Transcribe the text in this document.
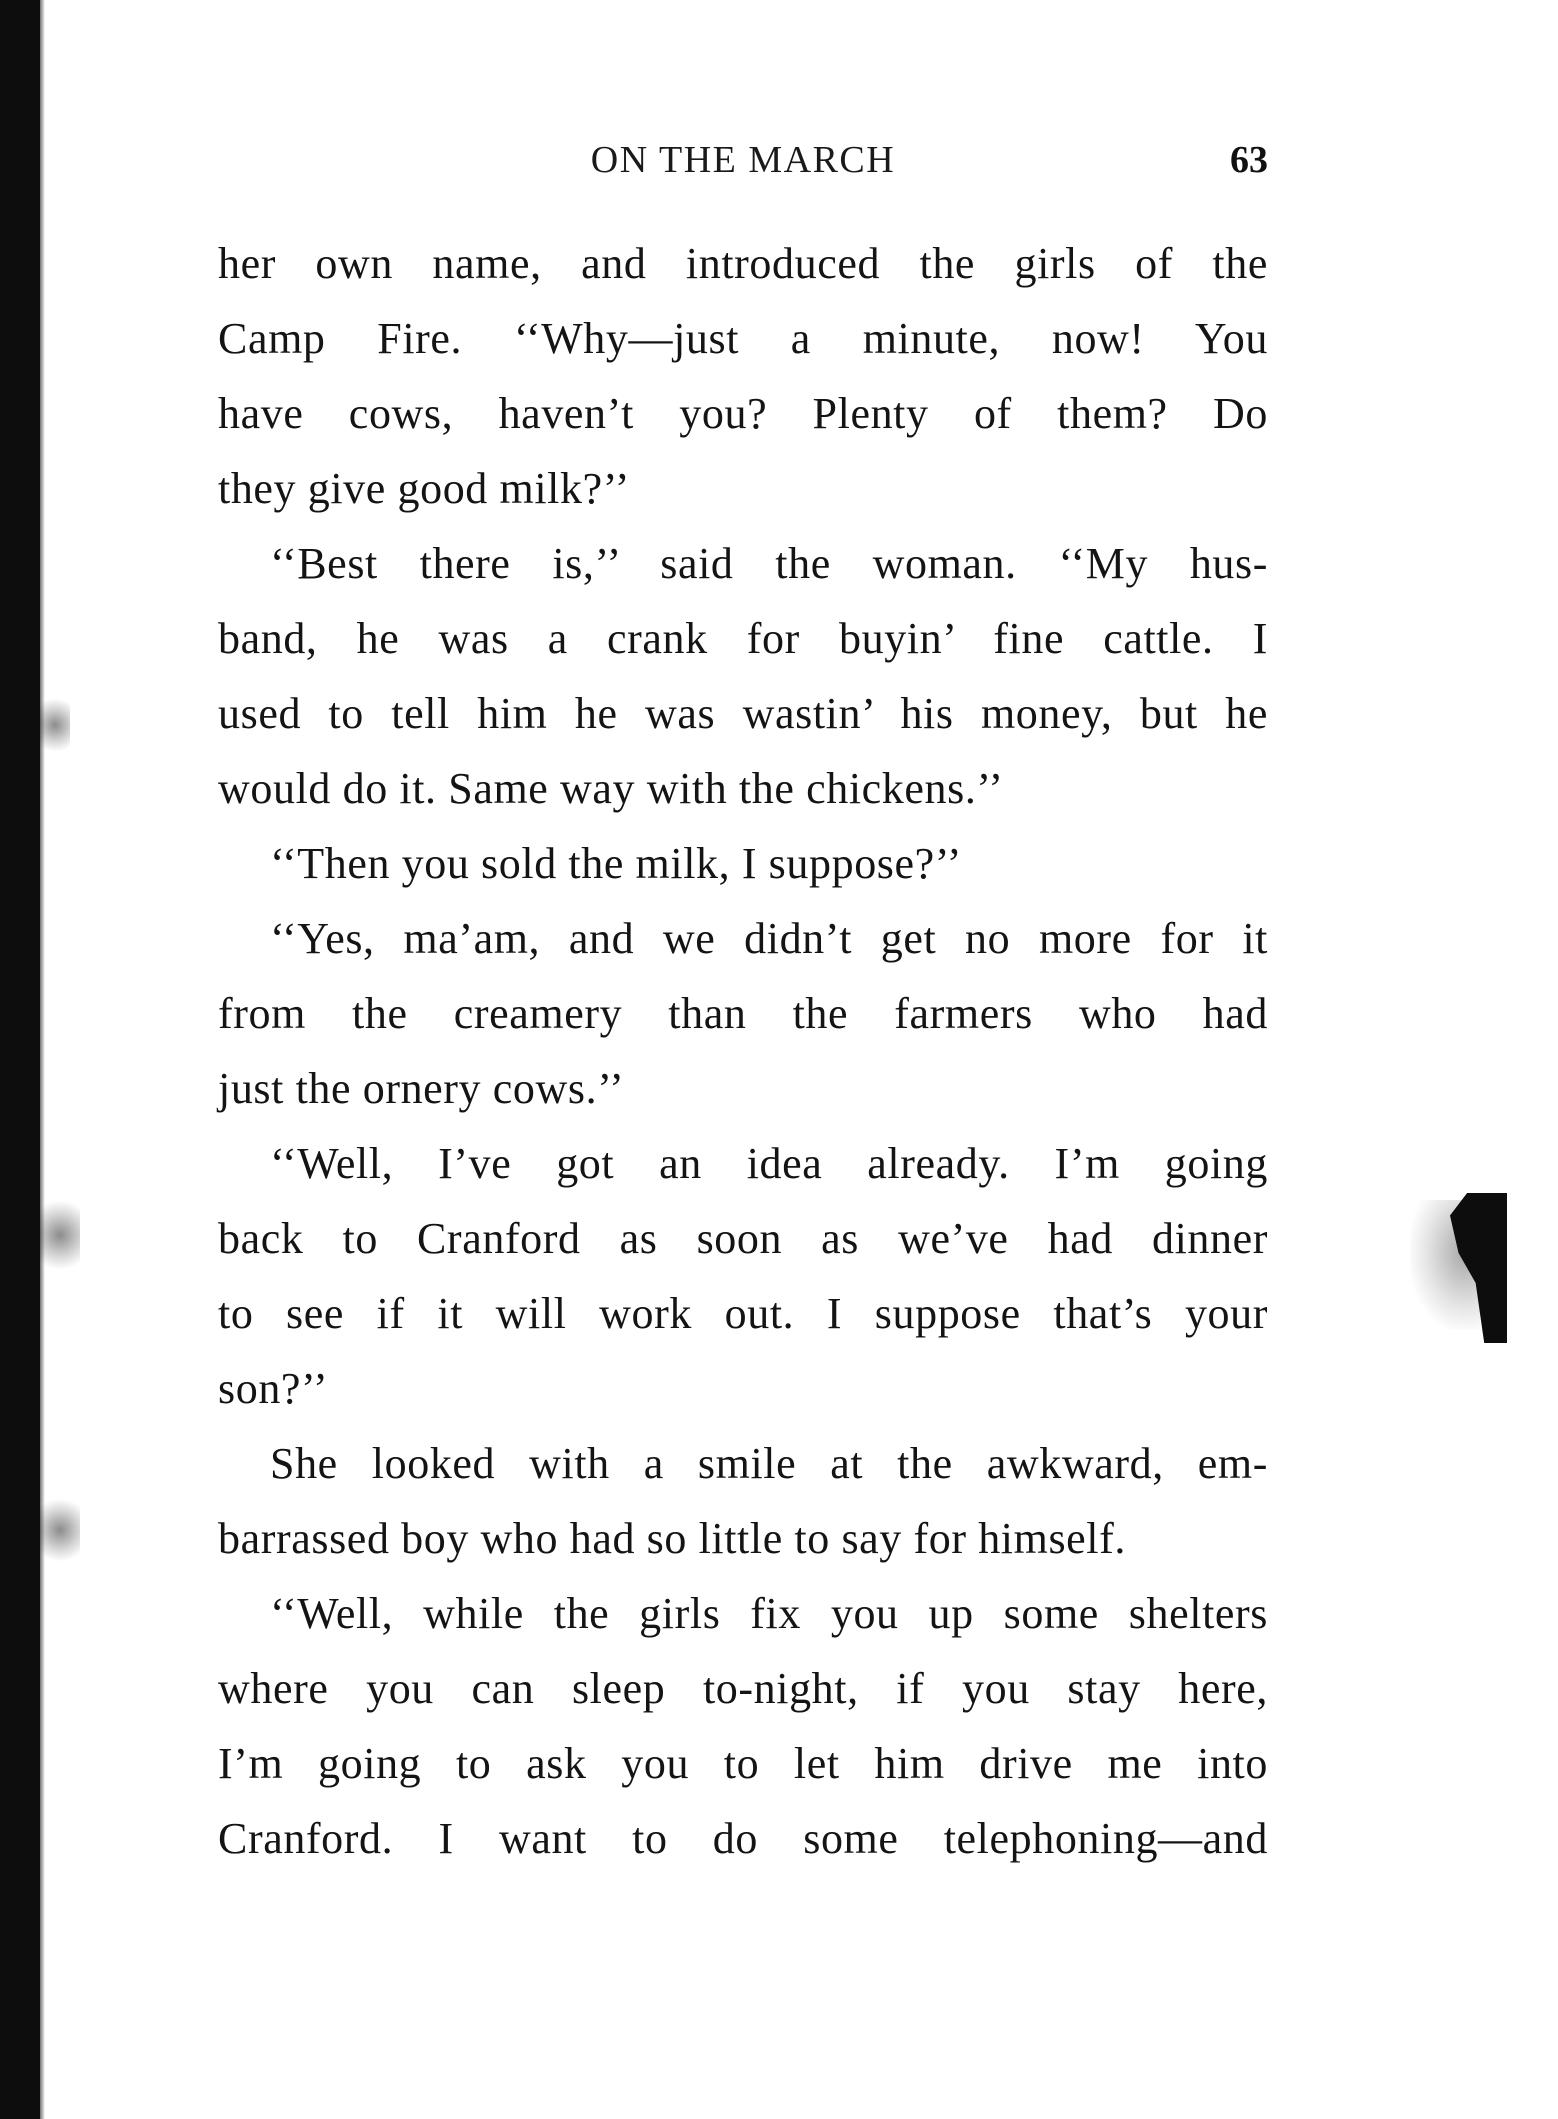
ON THE MARCH	63

her own name, and introduced the girls of the

Camp Fire. ‘‘Why—just a minute, now! You

have cows, haven’t you? Plenty of them? Do

they give good milk?’’

‘‘Best there is,’’ said the woman. ‘‘My hus-

band, he was a crank for buyin’ fine cattle. I

used to tell him he was wastin’ his money, but he

would do it. Same way with the chickens.’’

‘‘Then you sold the milk, I suppose?’’

‘‘Yes, ma’am, and we didn’t get no more for it

from the creamery than the farmers who had

just the ornery cows.’’

‘‘Well, I’ve got an idea already. I’m going

back to Cranford as soon as we’ve had dinner

to see if it will work out. I suppose that’s your

son?’’

She looked with a smile at the awkward, em-

barrassed boy who had so little to say for himself.

‘‘Well, while the girls fix you up some shelters

where you can sleep to-night, if you stay here,

I’m going to ask you to let him drive me into

Cranford. I want to do some telephoning—and
